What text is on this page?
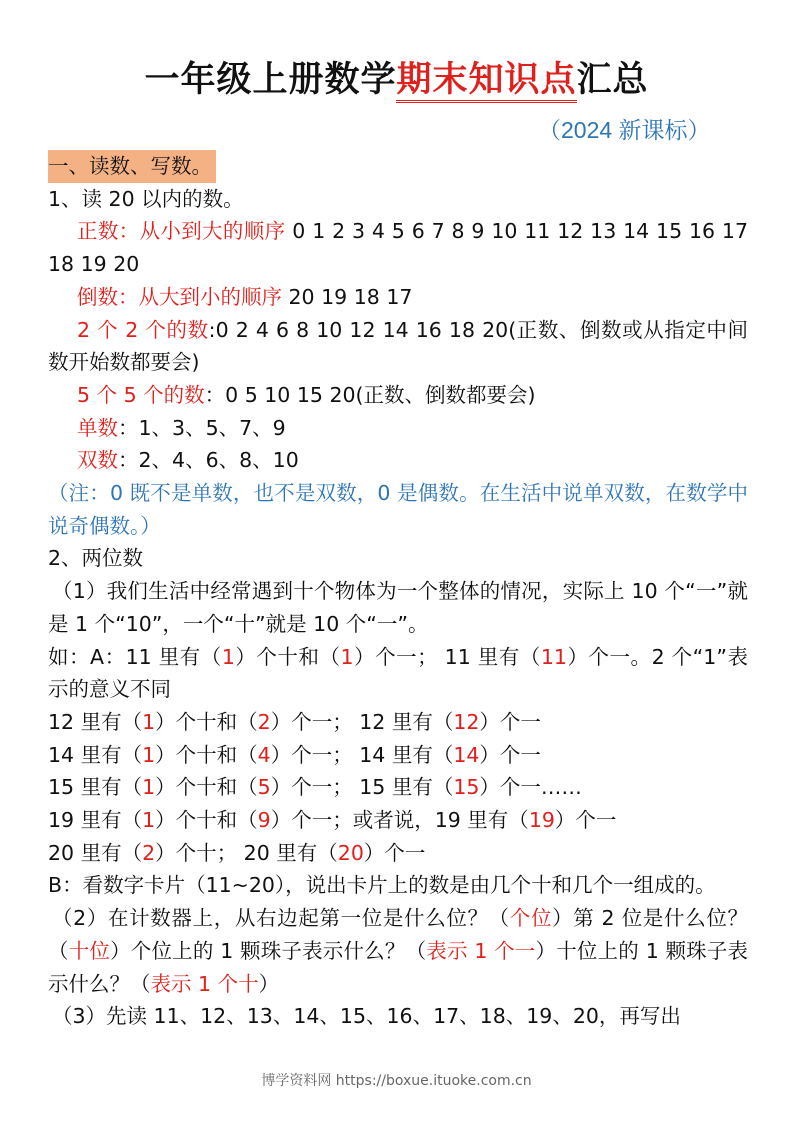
一年级上册数学期末知识点汇总
（2024 新课标）

一、读数、写数。

1、读 20 以内的数。

正数：从小到大的顺序 0 1 2 3 4 5 6 7 8 9 10 11 12 13 14 15 16 17 18 19 20

倒数：从大到小的顺序 20 19 18 17

2 个 2 个的数:0 2 4 6 8 10 12 14 16 18 20(正数、倒数或从指定中间数开始数都要会)

5 个 5 个的数：0 5 10 15 20(正数、倒数都要会)

单数：1、3、5、7、9

双数：2、4、6、8、10

（注：0 既不是单数，也不是双数，0 是偶数。在生活中说单双数，在数学中说奇偶数。）

2、两位数

（1）我们生活中经常遇到十个物体为一个整体的情况，实际上 10 个“一”就是 1 个“10”，一个“十”就是 10 个“一”。

如：A：11 里有（1）个十和（1）个一； 11 里有（11）个一。2 个“1”表示的意义不同

12 里有（1）个十和（2）个一； 12 里有（12）个一

14 里有（1）个十和（4）个一； 14 里有（14）个一

15 里有（1）个十和（5）个一； 15 里有（15）个一……

19 里有（1）个十和（9）个一；或者说，19 里有（19）个一

20 里有（2）个十； 20 里有（20）个一

B：看数字卡片（11~20），说出卡片上的数是由几个十和几个一组成的。

（2）在计数器上，从右边起第一位是什么位？（个位）第 2 位是什么位？（十位）个位上的 1 颗珠子表示什么？（表示 1 个一）十位上的 1 颗珠子表示什么？（表示 1 个十）

（3）先读 11、12、13、14、15、16、17、18、19、20，再写出

博学资料网 https://boxue.ituoke.com.cn
